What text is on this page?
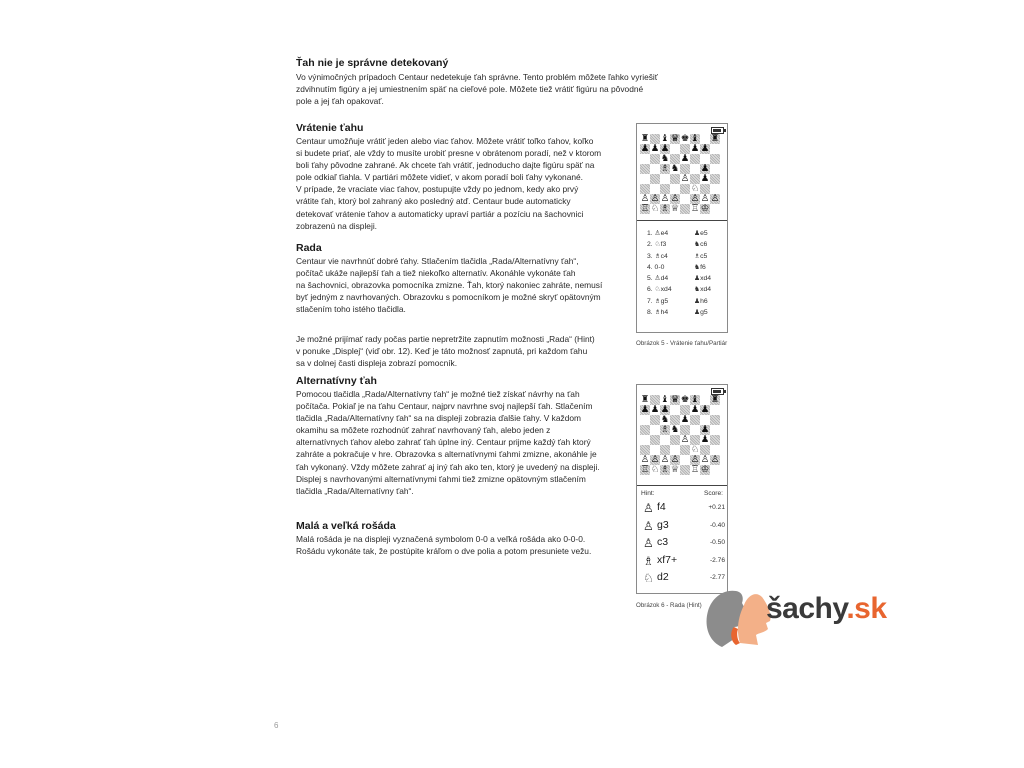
Ťah nie je správne detekovaný

Vo výnimočných prípadoch Centaur nedetekuje ťah správne. Tento problém môžete ľahko vyriešiť

zdvihnutím figúry a jej umiestnením späť na cieľové pole. Môžete tiež vrátiť figúru na pôvodné

pole a jej ťah opakovať.

Vrátenie ťahu

Centaur umožňuje vrátiť jeden alebo viac ťahov. Môžete vrátiť toľko ťahov, koľko

si budete priať, ale vždy to musíte urobiť presne v obrátenom poradí, než v ktorom

boli ťahy pôvodne zahrané. Ak chcete ťah vrátiť, jednoducho dajte figúru späť na

pole odkiaľ ťiahla. V partiári môžete vidieť, v akom poradí boli ťahy vykonané.

V prípade, že vraciate viac ťahov, postupujte vždy po jednom, kedy ako prvý

vrátite ťah, ktorý bol zahraný ako posledný atď. Centaur bude automaticky

detekovať vrátenie ťahov a automaticky upraví partiár a pozíciu na šachovnici

zobrazenú na displeji.

Rada

Centaur vie navrhnúť dobré ťahy. Stlačením tlačidla „Rada/Alternatívny ťah“,

počítač ukáže najlepší ťah a tiež niekoľko alternatív. Akonáhle vykonáte ťah

na šachovnici, obrazovka pomocníka zmizne. Ťah, ktorý nakoniec zahráte, nemusí

byť jedným z navrhovaných. Obrazovku s pomocníkom je možné skryť opätovným

stlačením toho istého tlačidla.

Je možné prijímať rady počas partie nepretržite zapnutím možnosti „Rada“ (Hint)

v ponuke „Displej“ (viď obr. 12). Keď je táto možnosť zapnutá, pri každom ťahu

sa v dolnej časti displeja zobrazí pomocník.

Alternatívny ťah

Pomocou tlačidla „Rada/Alternatívny ťah“ je možné tiež získať návrhy na ťah

počítača. Pokiaľ je na ťahu Centaur, najprv navrhne svoj najlepší ťah. Stlačením

tlačidla „Rada/Alternatívny ťah“ sa na displeji zobrazia ďalšie ťahy. V každom

okamihu sa môžete rozhodnúť zahrať navrhovaný ťah, alebo jeden z

alternatívnych ťahov alebo zahrať ťah úplne iný. Centaur prijme každý ťah ktorý

zahráte a pokračuje v hre. Obrazovka s alternatívnymi ťahmi zmizne, akonáhle je

ťah vykonaný. Vždy môžete zahrať aj iný ťah ako ten, ktorý je uvedený na displeji.

Displej s navrhovanými alternatívnymi ťahmi tiež zmizne opätovným stlačením

tlačidla „Rada/Alternatívny ťah“.

Malá a veľká rošáda

Malá rošáda je na displeji vyznačená symbolom 0-0 a veľká rošáda ako 0-0-0.

Rošádu vykonáte tak, že postúpite kráľom o dve polia a potom presuniete vežu.

♜ ♝ ♛ ♚ ♝ ♜
♟ ♟ ♟ ♟ ♟
♞ ♟
♗ ♞ ♟
♙ ♟
♘
♙ ♙ ♙ ♙ ♙ ♙ ♙
♖ ♘ ♗ ♕ ♖ ♔
1. ♙e4	♟e5
2. ♘f3	♞c6
3. ♗c4	♗c5
4. 0-0	♞f6
5. ♙d4	♟xd4
6. ♘xd4	♞xd4
7. ♗g5	♟h6
8. ♗h4	♟g5
Obrázok 5 - Vrátenie ťahu/Partiár
♜ ♝ ♛ ♚ ♝ ♜
♟ ♟ ♟ ♟ ♟
♞ ♟
♗ ♞ ♟
♙ ♟
♘
♙ ♙ ♙ ♙ ♙ ♙ ♙
♖ ♘ ♗ ♕ ♖ ♔
Hint:	Score:
♙ f4	+0.21
♙ g3	-0.40
♙ c3	-0.50
♗ xf7+	-2.76
♘ d2	-2.77
Obrázok 6 - Rada (Hint) šachy.sk
6
